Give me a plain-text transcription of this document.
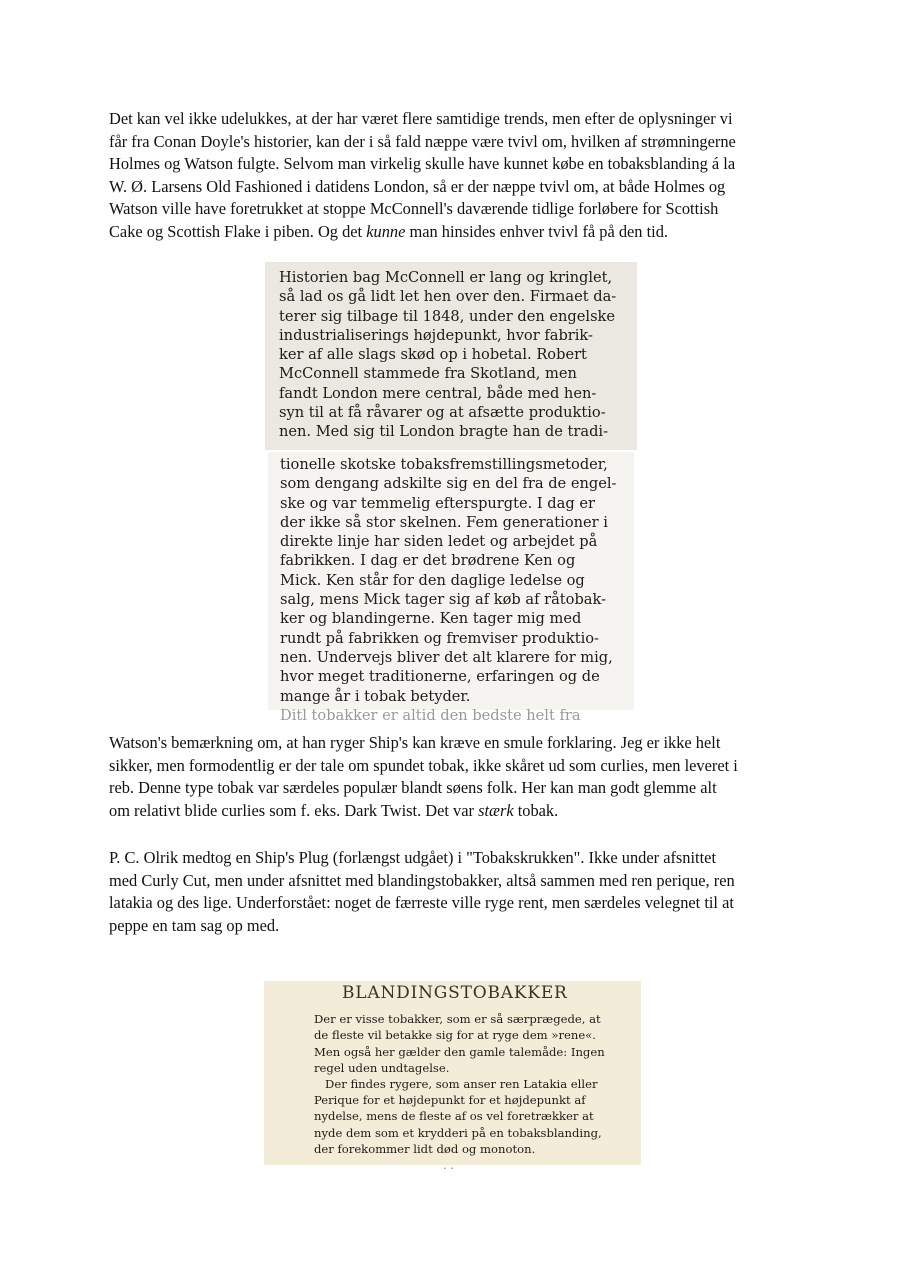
Det kan vel ikke udelukkes, at der har været flere samtidige trends, men efter de oplysninger vi
får fra Conan Doyle's historier, kan der i så fald næppe være tvivl om, hvilken af strømningerne
Holmes og Watson fulgte. Selvom man virkelig skulle have kunnet købe en tobaksblanding á la
W. Ø. Larsens Old Fashioned i datidens London, så er der næppe tvivl om, at både Holmes og
Watson ville have foretrukket at stoppe McConnell's daværende tidlige forløbere for Scottish
Cake og Scottish Flake i piben. Og det kunne man hinsides enhver tvivl få på den tid.
Historien bag McConnell er lang og kringlet,
så lad os gå lidt let hen over den. Firmaet da-
terer sig tilbage til 1848, under den engelske
industrialiserings højdepunkt, hvor fabrik-
ker af alle slags skød op i hobetal. Robert
McConnell stammede fra Skotland, men
fandt London mere central, både med hen-
syn til at få råvarer og at afsætte produktio-
nen. Med sig til London bragte han de tradi-
tionelle skotske tobaksfremstillingsmetoder,
som dengang adskilte sig en del fra de engel-
ske og var temmelig efterspurgte. I dag er
der ikke så stor skelnen. Fem generationer i
direkte linje har siden ledet og arbejdet på
fabrikken. I dag er det brødrene Ken og
Mick. Ken står for den daglige ledelse og
salg, mens Mick tager sig af køb af råtobak-
ker og blandingerne. Ken tager mig med
rundt på fabrikken og fremviser produktio-
nen. Undervejs bliver det alt klarere for mig,
hvor meget traditionerne, erfaringen og de
mange år i tobak betyder.
Ditl tobakker er altid den bedste helt fra
Watson's bemærkning om, at han ryger Ship's kan kræve en smule forklaring. Jeg er ikke helt
sikker, men formodentlig er der tale om spundet tobak, ikke skåret ud som curlies, men leveret i
reb. Denne type tobak var særdeles populær blandt søens folk. Her kan man godt glemme alt
om relativt blide curlies som f. eks. Dark Twist. Det var stærk tobak.
P. C. Olrik medtog en Ship's Plug (forlængst udgået) i "Tobakskrukken". Ikke under afsnittet
med Curly Cut, men under afsnittet med blandingstobakker, altså sammen med ren perique, ren
latakia og des lige. Underforstået: noget de færreste ville ryge rent, men særdeles velegnet til at
peppe en tam sag op med.
BLANDINGSTOBAKKER
Der er visse tobakker, som er så særprægede, at
de fleste vil betakke sig for at ryge dem »rene«.
Men også her gælder den gamle talemåde: Ingen
regel uden undtagelse.
Der findes rygere, som anser ren Latakia eller
Perique for et højdepunkt for et højdepunkt af
nydelse, mens de fleste af os vel foretrækker at
nyde dem som et krydderi på en tobaksblanding,
der forekommer lidt død og monoton.
. .
